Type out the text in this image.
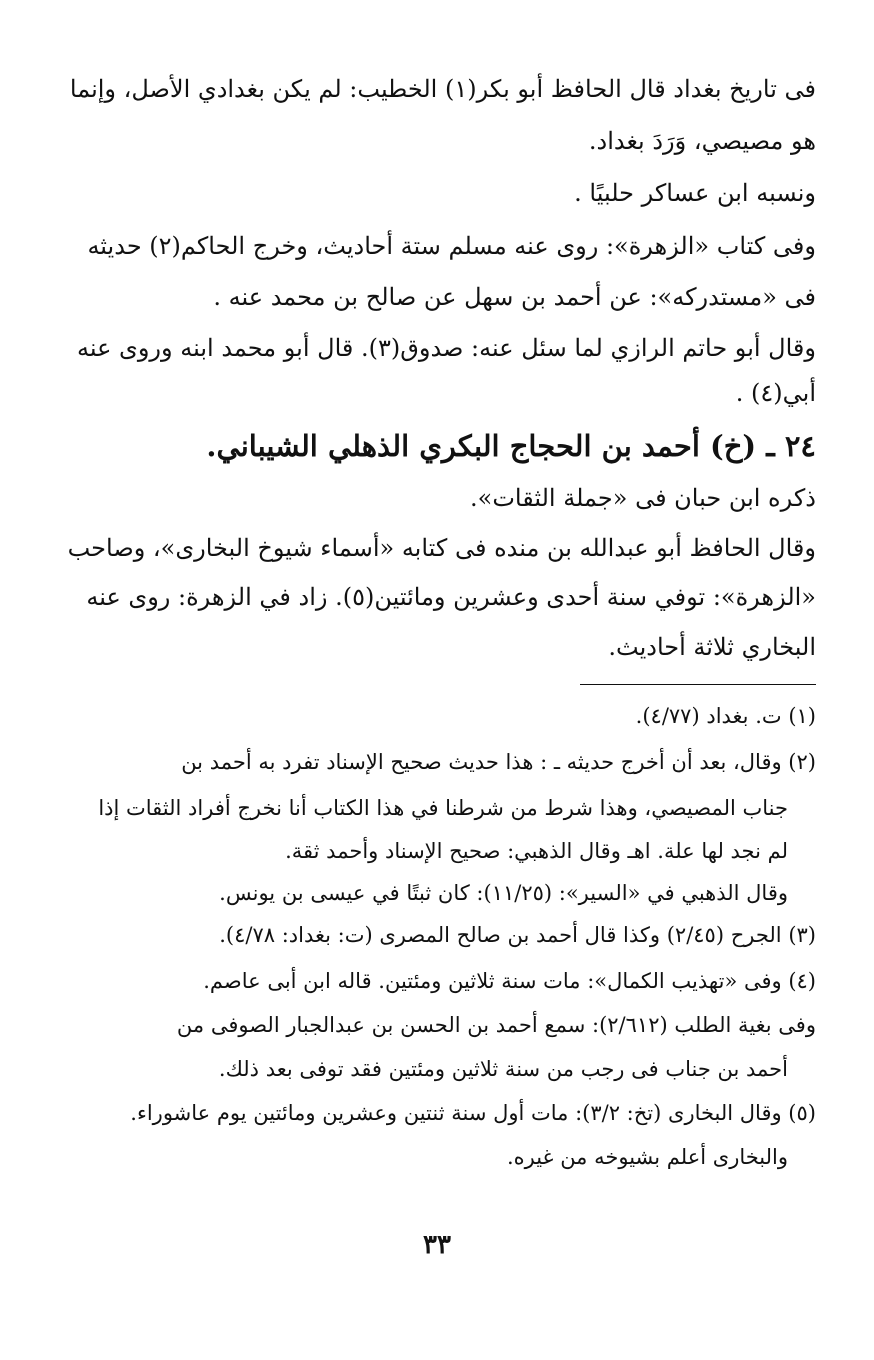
فى تاريخ بغداد قال الحافظ أبو بكر(١) الخطيب: لم يكن بغدادي الأصل، وإنما
هو مصيصي، وَرَدَ بغداد.
ونسبه ابن عساكر حلبيًا .
وفى كتاب «الزهرة»: روى عنه مسلم ستة أحاديث، وخرج الحاكم(٢) حديثه
فى «مستدركه»: عن أحمد بن سهل عن صالح بن محمد عنه .
وقال أبو حاتم الرازي لما سئل عنه: صدوق(٣). قال أبو محمد ابنه وروى عنه
أبي(٤) .
٢٤ ـ (خ) أحمد بن الحجاج البكري الذهلي الشيباني.
ذكره ابن حبان فى «جملة الثقات».
وقال الحافظ أبو عبدالله بن منده فى كتابه «أسماء شيوخ البخارى»، وصاحب
«الزهرة»: توفي سنة أحدى وعشرين ومائتين(٥). زاد في الزهرة: روى عنه
البخاري ثلاثة أحاديث.
(١) ت. بغداد (٤/٧٧).
(٢) وقال، بعد أن أخرج حديثه ـ : هذا حديث صحيح الإسناد تفرد به أحمد بن
جناب المصيصي، وهذا شرط من شرطنا في هذا الكتاب أنا نخرج أفراد الثقات إذا
لم نجد لها علة. اهـ وقال الذهبي: صحيح الإسناد وأحمد ثقة.
وقال الذهبي في «السير»: (١١/٢٥): كان ثبتًا في عيسى بن يونس.
(٣) الجرح (٢/٤٥) وكذا قال أحمد بن صالح المصرى (ت: بغداد: ٤/٧٨).
(٤) وفى «تهذيب الكمال»: مات سنة ثلاثين ومئتين. قاله ابن أبى عاصم.
وفى بغية الطلب (٢/٦١٢): سمع أحمد بن الحسن بن عبدالجبار الصوفى من
أحمد بن جناب فى رجب من سنة ثلاثين ومئتين فقد توفى بعد ذلك.
(٥) وقال البخارى (تخ: ٣/٢): مات أول سنة ثنتين وعشرين ومائتين يوم عاشوراء.
والبخارى أعلم بشيوخه من غيره.
٣٣
